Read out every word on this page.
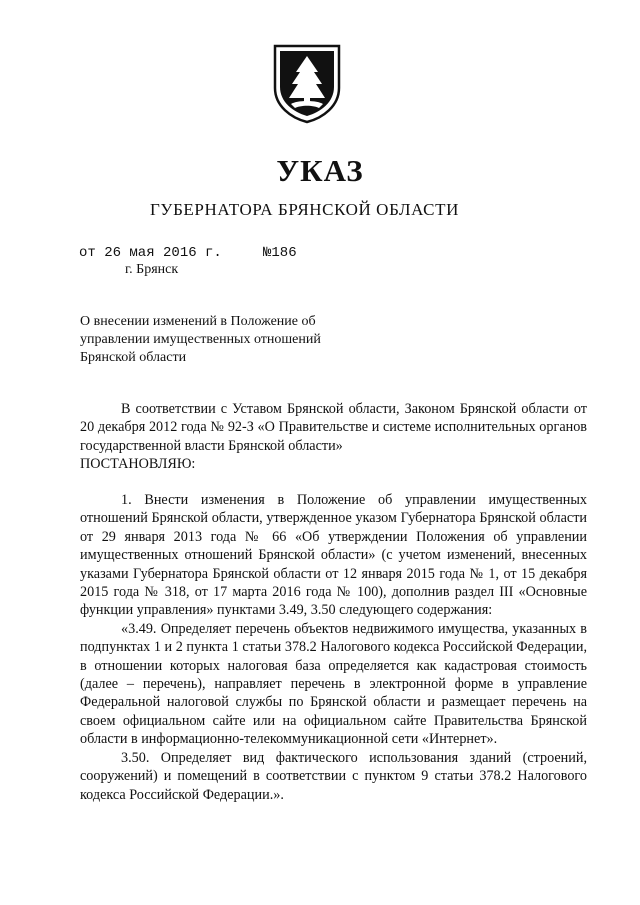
УКАЗ
ГУБЕРНАТОРА БРЯНСКОЙ ОБЛАСТИ
от 26 мая 2016 г.	№186
г. Брянск
О внесении изменений в Положение об
управлении имущественных отношений
Брянской области

В соответствии с Уставом Брянской области, Законом Брянской области от 20 декабря 2012 года № 92-З «О Правительстве и системе исполнительных органов государственной власти Брянской области»

ПОСТАНОВЛЯЮ:

1. Внести изменения в Положение об управлении имущественных отношений Брянской области, утвержденное указом Губернатора Брянской области от 29 января 2013 года № 66 «Об утверждении Положения об управлении имущественных отношений Брянской области» (с учетом изменений, внесенных указами Губернатора Брянской области от 12 января 2015 года № 1, от 15 декабря 2015 года № 318, от 17 марта 2016 года № 100), дополнив раздел III «Основные функции управления» пунктами 3.49, 3.50 следующего содержания:

«3.49. Определяет перечень объектов недвижимого имущества, указанных в подпунктах 1 и 2 пункта 1 статьи 378.2 Налогового кодекса Российской Федерации, в отношении которых налоговая база определяется как кадастровая стоимость (далее – перечень), направляет перечень в электронной форме в управление Федеральной налоговой службы по Брянской области и размещает перечень на своем официальном сайте или на официальном сайте Правительства Брянской области в информационно-телекоммуникационной сети «Интернет».

3.50. Определяет вид фактического использования зданий (строений, сооружений) и помещений в соответствии с пунктом 9 статьи 378.2 Налогового кодекса Российской Федерации.».
